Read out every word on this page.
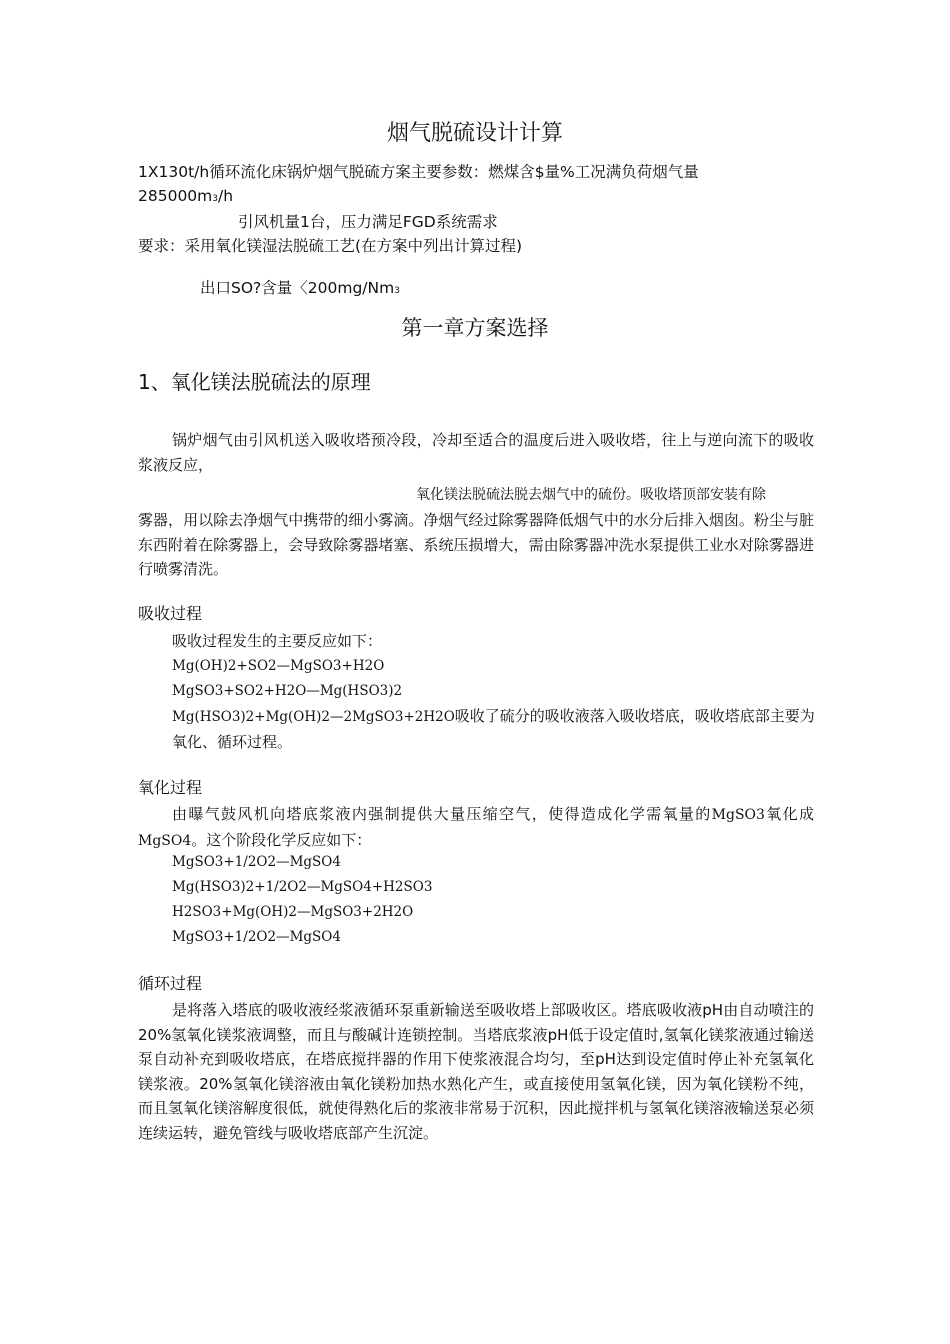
烟气脱硫设计计算
1X130t/h循环流化床锅炉烟气脱硫方案主要参数：燃煤含$量%工况满负荷烟气量
285000m3/h
引风机量1台，压力满足FGD系统需求
要求：采用氧化镁湿法脱硫工艺(在方案中列出计算过程)
出口SO?含量〈200mg/Nm3
第一章方案选择
1、氧化镁法脱硫法的原理
锅炉烟气由引风机送入吸收塔预冷段，冷却至适合的温度后进入吸收塔，往上与逆向流下的吸收浆液反应，
氧化镁法脱硫法脱去烟气中的硫份。吸收塔顶部安装有除
雾器，用以除去净烟气中携带的细小雾滴。净烟气经过除雾器降低烟气中的水分后排入烟囱。粉尘与脏东西附着在除雾器上，会导致除雾器堵塞、系统压损增大，需由除雾器冲洗水泵提供工业水对除雾器进行喷雾清洗。
吸收过程
吸收过程发生的主要反应如下：
Mg(OH)2+SO2—MgSO3+H2O
MgSO3+SO2+H2O—Mg(HSO3)2
Mg(HSO3)2+Mg(OH)2—2MgSO3+2H2O吸收了硫分的吸收液落入吸收塔底，吸收塔底部主要为
氧化、循环过程。
氧化过程
由曝气鼓风机向塔底浆液内强制提供大量压缩空气，使得造成化学需氧量的MgSO3氧化成MgSO4。这个阶段化学反应如下：
MgSO3+1/2O2—MgSO4
Mg(HSO3)2+1/2O2—MgSO4+H2SO3
H2SO3+Mg(OH)2—MgSO3+2H2O
MgSO3+1/2O2—MgSO4
循环过程
是将落入塔底的吸收液经浆液循环泵重新输送至吸收塔上部吸收区。塔底吸收液pH由自动喷注的20%氢氧化镁浆液调整，而且与酸碱计连锁控制。当塔底浆液pH低于设定值时,氢氧化镁浆液通过输送泵自动补充到吸收塔底，在塔底搅拌器的作用下使浆液混合均匀，至pH达到设定值时停止补充氢氧化镁浆液。20%氢氧化镁溶液由氧化镁粉加热水熟化产生，或直接使用氢氧化镁，因为氧化镁粉不纯，而且氢氧化镁溶解度很低，就使得熟化后的浆液非常易于沉积，因此搅拌机与氢氧化镁溶液输送泵必须连续运转，避免管线与吸收塔底部产生沉淀。
